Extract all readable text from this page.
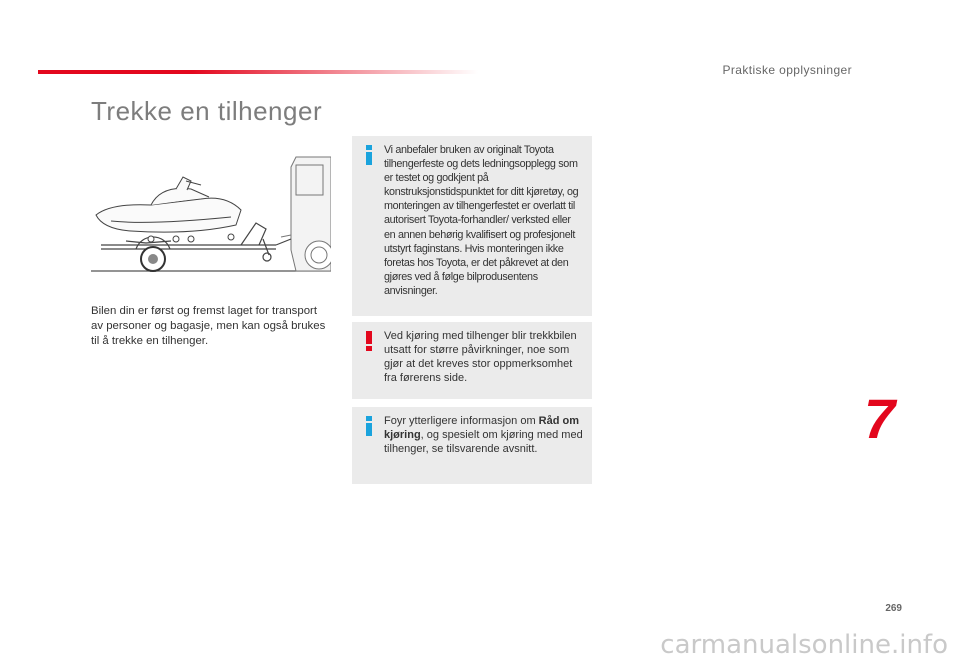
Praktiske opplysninger
Trekke en tilhenger

Bilen din er først og fremst laget for transport av personer og bagasje, men kan også brukes til å trekke en tilhenger.

Vi anbefaler bruken av originalt Toyota tilhengerfeste og dets ledningsopplegg som er testet og godkjent på konstruksjonstidspunktet for ditt kjøretøy, og monteringen av tilhengerfestet er overlatt til autorisert Toyota-forhandler/ verksted eller en annen behørig kvalifisert og profesjonelt utstyrt faginstans. Hvis monteringen ikke foretas hos Toyota, er det påkrevet at den gjøres ved å følge bilprodusentens anvisninger.

Ved kjøring med tilhenger blir trekkbilen utsatt for større påvirkninger, noe som gjør at det kreves stor oppmerksomhet fra førerens side.

Foyr ytterligere informasjon om Råd om kjøring, og spesielt om kjøring med med tilhenger, se tilsvarende avsnitt.	7
269
carmanualsonline.info
